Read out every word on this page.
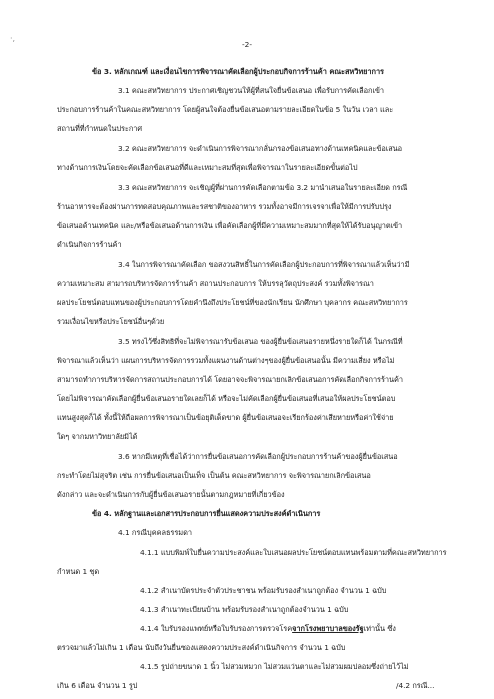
-2-
·,
ข้อ 3. หลักเกณฑ์ และเงื่อนไขการพิจารณาคัดเลือกผู้ประกอบกิจการร้านค้า คณะสหวิทยาการ
3.1 คณะสหวิทยาการ ประกาศเชิญชวนให้ผู้ที่สนใจยื่นข้อเสนอ เพื่อรับการคัดเลือกเข้า
ประกอบการร้านค้าในคณะสหวิทยาการ โดยผู้สนใจต้องยื่นข้อเสนอตามรายละเอียดในข้อ 5 ในวัน เวลา และ
สถานที่ที่กำหนดในประกาศ
3.2 คณะสหวิทยาการ จะดำเนินการพิจารณากลั่นกรองข้อเสนอทางด้านเทคนิคและข้อเสนอ
ทางด้านการเงินโดยจะคัดเลือกข้อเสนอที่ดีและเหมาะสมที่สุดเพื่อพิจารณาในรายละเอียดขั้นต่อไป
3.3 คณะสหวิทยาการ จะเชิญผู้ที่ผ่านการคัดเลือกตามข้อ 3.2 มานำเสนอในรายละเอียด กรณี
ร้านอาหารจะต้องผ่านการทดสอบคุณภาพและรสชาติของอาหาร รวมทั้งอาจมีการเจรจาเพื่อให้มีการปรับปรุง
ข้อเสนอด้านเทคนิค และ/หรือข้อเสนอด้านการเงิน เพื่อคัดเลือกผู้ที่มีความเหมาะสมมากที่สุดให้ได้รับอนุญาตเข้า
ดำเนินกิจการร้านค้า
3.4 ในการพิจารณาคัดเลือก ขอสงวนสิทธิ์ในการคัดเลือกผู้ประกอบการที่พิจารณาแล้วเห็นว่ามี
ความเหมาะสม สามารถบริหารจัดการร้านค้า สถานประกอบการ ให้บรรลุวัตถุประสงค์ รวมทั้งพิจารณา
ผลประโยชน์ตอบแทนของผู้ประกอบการโดยคำนึงถึงประโยชน์ที่ของนักเรียน นักศึกษา บุคลากร คณะสหวิทยาการ
รวมเงื่อนไขหรือประโยชน์อื่นๆด้วย
3.5 ทรงไว้ซึ่งสิทธิที่จะไม่พิจารณารับข้อเสนอ ของผู้ยื่นข้อเสนอรายหนึ่งรายใดก็ได้ ในกรณีที่
พิจารณาแล้วเห็นว่า แผนการบริหารจัดการรวมทั้งแผนงานด้านต่างๆของผู้ยื่นข้อเสนอนั้น มีความเสี่ยง หรือไม่
สามารถทำการบริหารจัดการสถานประกอบการได้ โดยอาจจะพิจารณายกเลิกข้อเสนอการคัดเลือกกิจการร้านค้า
โดยไม่พิจารณาคัดเลือกผู้ยื่นข้อเสนอรายใดเลยก็ได้ หรือจะไม่คัดเลือกผู้ยื่นข้อเสนอที่เสนอให้ผลประโยชน์ตอบ
แทนสูงสุดก็ได้ ทั้งนี้ให้ถือผลการพิจารณาเป็นข้อยุติเด็ดขาด ผู้ยื่นข้อเสนอจะเรียกร้องค่าเสียหายหรือค่าใช้จ่าย
ใดๆ จากมหาวิทยาลัยมิได้
3.6 หากมีเหตุที่เชื่อได้ว่าการยื่นข้อเสนอการคัดเลือกผู้ประกอบการร้านค้าของผู้ยื่นข้อเสนอ
กระทำโดยไม่สุจริต เช่น การยื่นข้อเสนอเป็นเท็จ เป็นต้น คณะสหวิทยาการ จะพิจารณายกเลิกข้อเสนอ
ดังกล่าว และจะดำเนินการกับผู้ยื่นข้อเสนอรายนั้นตามกฎหมายที่เกี่ยวข้อง
ข้อ 4. หลักฐานและเอกสารประกอบการยื่นแสดงความประสงค์ดำเนินการ
4.1 กรณีบุคคลธรรมดา
4.1.1 แบบพิมพ์ใบยื่นความประสงค์และใบเสนอผลประโยชน์ตอบแทนพร้อมตามที่คณะสหวิทยาการ
กำหนด 1 ชุด
4.1.2 สำเนาบัตรประจำตัวประชาชน พร้อมรับรองสำเนาถูกต้อง จำนวน 1 ฉบับ
4.1.3 สำเนาทะเบียนบ้าน พร้อมรับรองสำเนาถูกต้องจำนวน 1 ฉบับ
4.1.4 ใบรับรองแพทย์หรือใบรับรองการตรวจโรคจากโรงพยาบาลของรัฐเท่านั้น ซึ่ง
ตรวจมาแล้วไม่เกิน 1 เดือน นับถึงวันยื่นซองแสดงความประสงค์ดำเนินกิจการ จำนวน 1 ฉบับ
4.1.5 รูปถ่ายขนาด 1 นิ้ว ไม่สวมหมวก ไม่สวมแว่นตาและไม่สวมผมปลอมซึ่งถ่ายไว้ไม่
เกิน 6 เดือน จำนวน 1 รูป	/4.2 กรณี...
